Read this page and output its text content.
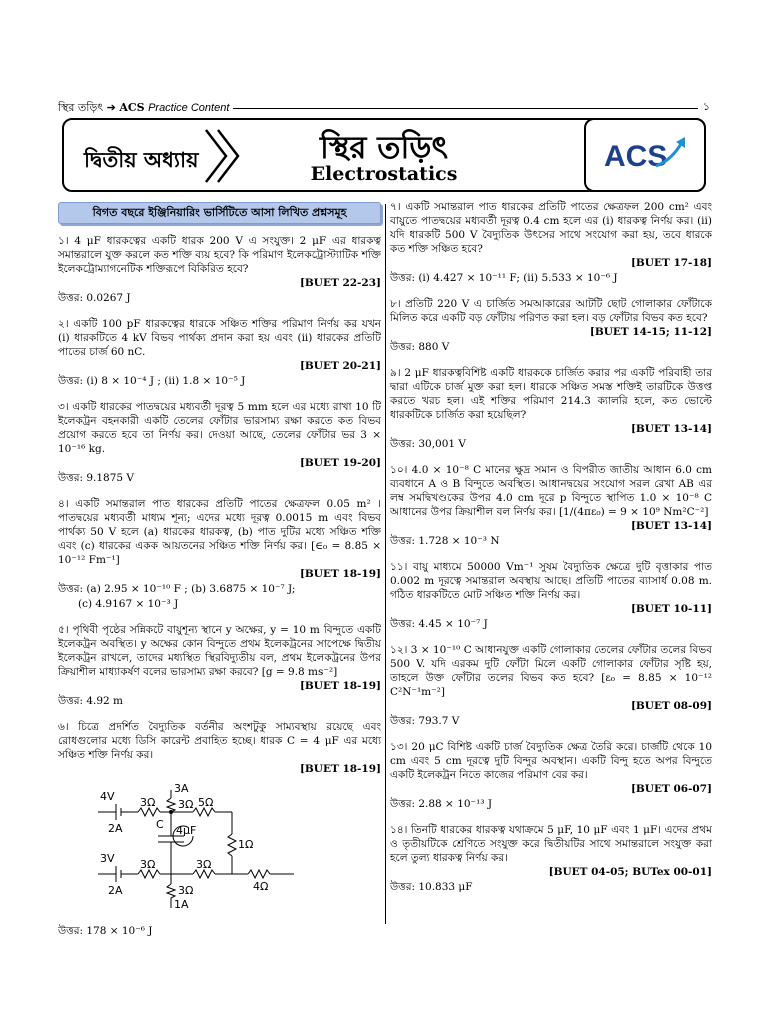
স্থির তড়িৎ ➔ ACS Practice Content	১
দ্বিতীয় অধ্যায়	স্থির তড়িৎ
Electrostatics
ACS
বিগত বছরে ইঞ্জিনিয়ারিং ভার্সিটিতে আসা লিখিত প্রশ্নসমূহ
১। 4 μF ধারকত্বের একটি ধারক 200 V এ সংযুক্ত। 2 μF এর ধারকত্ব সমান্তরালে যুক্ত করলে কত শক্তি ব্যয় হবে? কি পরিমাণ ইলেকট্রোস্ট্যাটিক শক্তি ইলেকট্রোম্যাগনেটিক শক্তিরূপে বিকিরিত হবে?
[BUET 22-23]
উত্তর: 0.0267 J
২। একটি 100 pF ধারকত্বের ধারকে সঞ্চিত শক্তির পরিমাণ নির্ণয় কর যখন (i) ধারকটিতে 4 kV বিভব পার্থক্য প্রদান করা হয় এবং (ii) ধারকের প্রতিটি পাতের চার্জ 60 nC.
[BUET 20-21]
উত্তর: (i) 8 × 10⁻⁴ J ; (ii) 1.8 × 10⁻⁵ J
৩। একটি ধারকের পাতদ্বয়ের মধ্যবর্তী দূরত্ব 5 mm হলে এর মধ্যে রাখা 10 টি ইলেকট্রন বহনকারী একটি তেলের ফোঁটার ভারসাম্য রক্ষা করতে কত বিভব প্রয়োগ করতে হবে তা নির্ণয় কর। দেওয়া আছে, তেলের ফোঁটার ভর 3 × 10⁻¹⁶ kg.
[BUET 19-20]
উত্তর: 9.1875 V
৪। একটি সমান্তরাল পাত ধারকের প্রতিটি পাতের ক্ষেত্রফল 0.05 m² । পাতদ্বয়ের মধ্যবর্তী মাধ্যম শূন্য; এদের মধ্যে দূরত্ব 0.0015 m এবং বিভব পার্থক্য 50 V হলে (a) ধারকের ধারকত্ব, (b) পাত দুটির মধ্যে সঞ্চিত শক্তি এবং (c) ধারকের একক আয়তনের সঞ্চিত শক্তি নির্ণয় কর। [∈₀ = 8.85 × 10⁻¹² Fm⁻¹]
[BUET 18-19]
উত্তর: (a) 2.95 × 10⁻¹⁰ F ; (b) 3.6875 × 10⁻⁷ J;
(c) 4.9167 × 10⁻³ J
৫। পৃথিবী পৃষ্ঠের সন্নিকটে বায়ুশূন্য স্থানে y অক্ষের, y = 10 m বিন্দুতে একটি ইলেকট্রন অবস্থিত। y অক্ষের কোন বিন্দুতে প্রথম ইলেকট্রনের সাপেক্ষে দ্বিতীয় ইলেকট্রন রাখলে, তাদের মধ্যস্থিত স্থিরবিদ্যুতীয় বল, প্রথম ইলেকট্রনের উপর ক্রিয়াশীল মাধ্যাকর্ষণ বলের ভারসাম্য রক্ষা করবে? [g = 9.8 ms⁻²]
[BUET 18-19]
উত্তর: 4.92 m
৬। চিত্রে প্রদর্শিত বৈদ্যুতিক বর্তনীর অংশটুকু সাম্যবস্থায় রয়েছে এবং রোধগুলোর মধ্যে ডিসি কারেন্ট প্রবাহিত হচ্ছে। ধারক C = 4 μF এর মধ্যে সঞ্চিত শক্তি নির্ণয় কর।
[BUET 18-19]
4V
2A
3Ω
3A
3Ω 5Ω
C 4μF
1Ω
3V
2A
3Ω	3Ω
3Ω	4Ω
1A
উত্তর: 178 × 10⁻⁶ J
৭। একটি সমান্তরাল পাত ধারকের প্রতিটি পাতের ক্ষেত্রফল 200 cm² এবং বায়ুতে পাতদ্বয়ের মধ্যবর্তী দূরত্ব 0.4 cm হলে এর (i) ধারকত্ব নির্ণয় কর। (ii) যদি ধারকটি 500 V বৈদ্যুতিক উৎসের সাথে সংযোগ করা হয়, তবে ধারকে কত শক্তি সঞ্চিত হবে?
[BUET 17-18]
উত্তর: (i) 4.427 × 10⁻¹¹ F; (ii) 5.533 × 10⁻⁶ J
৮। প্রতিটি 220 V এ চার্জিত সমআকারের আটটি ছোট গোলাকার ফোঁটাকে মিলিত করে একটি বড় ফোঁটায় পরিণত করা হল। বড় ফোঁটার বিভব কত হবে?
[BUET 14-15; 11-12]
উত্তর: 880 V
৯। 2 μF ধারকত্ববিশিষ্ট একটি ধারককে চার্জিত করার পর একটি পরিবাহী তার দ্বারা এটিকে চার্জ মুক্ত করা হল। ধারকে সঞ্চিত সমস্ত শক্তিই তারটিকে উত্তপ্ত করতে খরচ হল। এই শক্তির পরিমাণ 214.3 ক্যালরি হলে, কত ভোল্টে ধারকটিকে চার্জিত করা হয়েছিল?
[BUET 13-14]
উত্তর: 30,001 V
১০। 4.0 × 10⁻⁸ C মানের ক্ষুদ্র সমান ও বিপরীত জাতীয় আধান 6.0 cm ব্যবধানে A ও B বিন্দুতে অবস্থিত। আধানদ্বয়ের সংযোগ সরল রেখা AB এর লম্ব সমদ্বিখণ্ডকের উপর 4.0 cm দূরে p বিন্দুতে স্থাপিত 1.0 × 10⁻⁸ C আধানের উপর ক্রিয়াশীল বল নির্ণয় কর। [1/(4πε₀) = 9 × 10⁹ Nm²C⁻²]
[BUET 13-14]
উত্তর: 1.728 × 10⁻³ N
১১। বায়ু মাধ্যমে 50000 Vm⁻¹ সুষম বৈদ্যুতিক ক্ষেত্রে দুটি বৃত্তাকার পাত 0.002 m দূরত্বে সমান্তরাল অবস্থায় আছে। প্রতিটি পাতের ব্যাসার্ধ 0.08 m. গঠিত ধারকটিতে মোট সঞ্চিত শক্তি নির্ণয় কর।
[BUET 10-11]
উত্তর: 4.45 × 10⁻⁷ J
১২। 3 × 10⁻¹⁰ C আধানযুক্ত একটি গোলাকার তেলের ফোঁটার তলের বিভব 500 V. যদি এরকম দুটি ফোঁটা মিলে একটি গোলাকার ফোঁটার সৃষ্টি হয়, তাহলে উক্ত ফোঁটার তলের বিভব কত হবে? [ε₀ = 8.85 × 10⁻¹² C²N⁻¹m⁻²]
[BUET 08-09]
উত্তর: 793.7 V
১৩। 20 μC বিশিষ্ট একটি চার্জ বৈদ্যুতিক ক্ষেত্র তৈরি করে। চার্জটি থেকে 10 cm এবং 5 cm দূরত্বে দুটি বিন্দুর অবস্থান। একটি বিন্দু হতে অপর বিন্দুতে একটি ইলেকট্রন নিতে কাজের পরিমাণ বের কর।
[BUET 06-07]
উত্তর: 2.88 × 10⁻¹³ J
১৪। তিনটি ধারকের ধারকত্ব যথাক্রমে 5 μF, 10 μF এবং 1 μF। এদের প্রথম ও তৃতীয়টিকে শ্রেণিতে সংযুক্ত করে দ্বিতীয়টির সাথে সমান্তরালে সংযুক্ত করা হলে তুল্য ধারকত্ব নির্ণয় কর।
[BUET 04-05; BUTex 00-01]
উত্তর: 10.833 μF
